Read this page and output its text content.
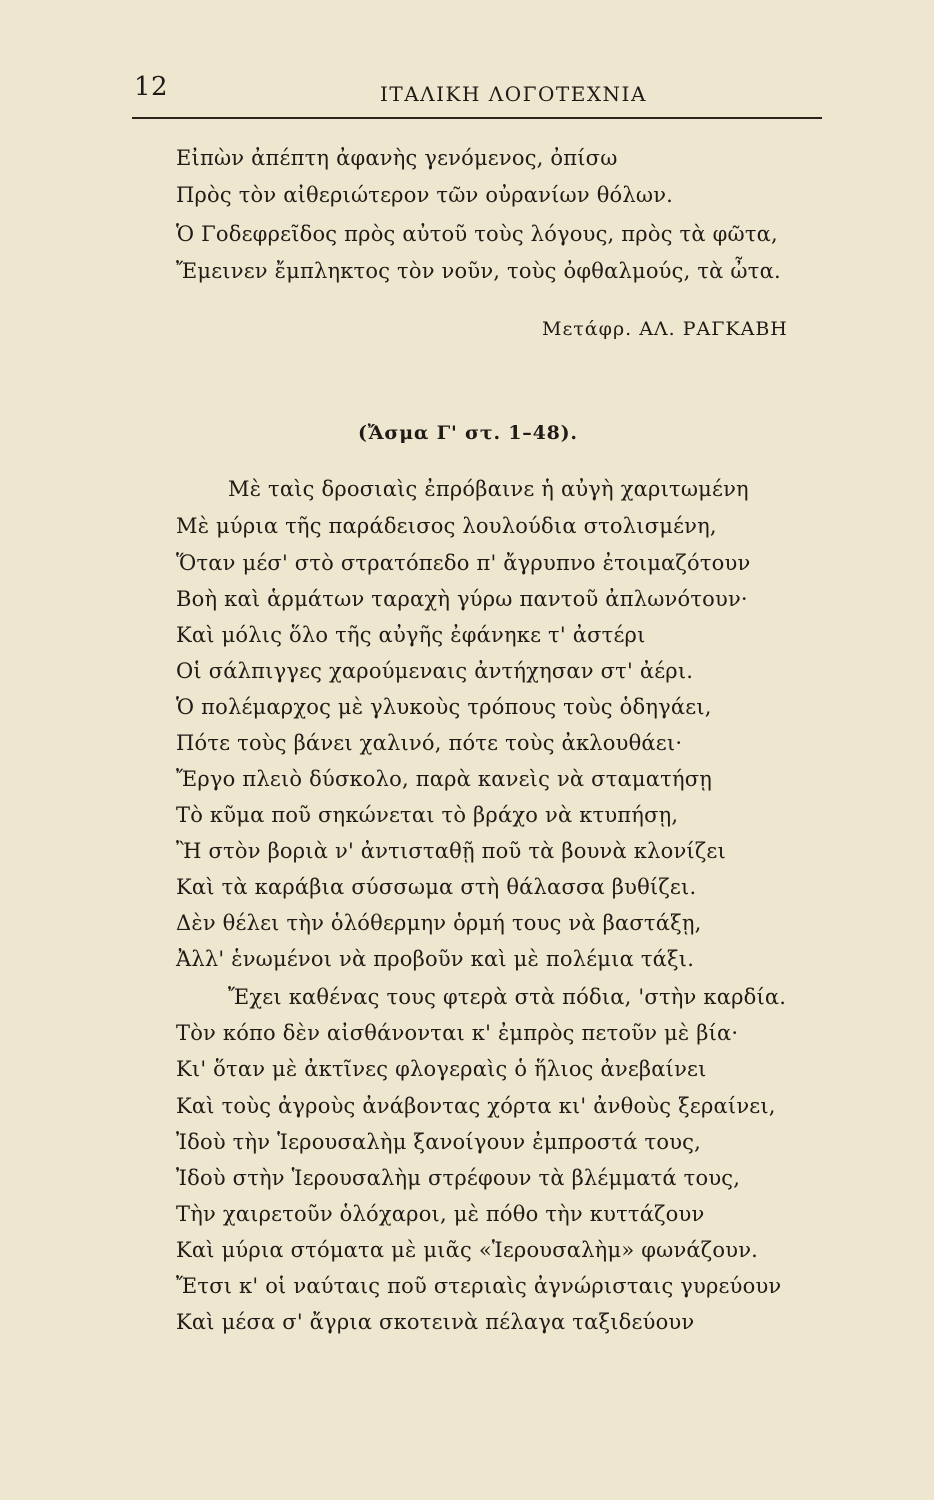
12	ΙΤΑΛΙΚΗ ΛΟΓΟΤΕΧΝΙΑ
Εἰπὼν ἀπέπτη ἀφανὴς γενόμενος, ὀπίσω
Πρὸς τὸν αἰθεριώτερον τῶν οὐρανίων θόλων.
Ὁ Γοδεφρεῖδος πρὸς αὐτοῦ τοὺς λόγους, πρὸς τὰ φῶτα,
Ἔμεινεν ἔμπληκτος τὸν νοῦν, τοὺς ὀφθαλμούς, τὰ ὦτα.
Μετάφρ. ΑΛ. ΡΑΓΚΑΒΗ
(Ἄσμα Γ' στ. 1–48).
Μὲ ταὶς δροσιαὶς ἐπρόβαινε ἡ αὐγὴ χαριτωμένη
Μὲ μύρια τῆς παράδεισος λουλούδια στολισμένη,
Ὅταν μέσ' στὸ στρατόπεδο π' ἄγρυπνο ἐτοιμαζότουν
Βοὴ καὶ ἁρμάτων ταραχὴ γύρω παντοῦ ἀπλωνότουν·
Καὶ μόλις ὅλο τῆς αὐγῆς ἐφάνηκε τ' ἀστέρι
Οἱ σάλπιγγες χαρούμεναις ἀντήχησαν στ' ἀέρι.
Ὁ πολέμαρχος μὲ γλυκοὺς τρόπους τοὺς ὁδηγάει,
Πότε τοὺς βάνει χαλινό, πότε τοὺς ἀκλουθάει·
Ἔργο πλειὸ δύσκολο, παρὰ κανεὶς νὰ σταματήσῃ
Τὸ κῦμα ποῦ σηκώνεται τὸ βράχο νὰ κτυπήσῃ,
Ἢ στὸν βοριὰ ν' ἀντισταθῇ ποῦ τὰ βουνὰ κλονίζει
Καὶ τὰ καράβια σύσσωμα στὴ θάλασσα βυθίζει.
Δὲν θέλει τὴν ὁλόθερμην ὁρμή τους νὰ βαστάξῃ,
Ἀλλ' ἑνωμένοι νὰ προβοῦν καὶ μὲ πολέμια τάξι.
Ἔχει καθένας τους φτερὰ στὰ πόδια, 'στὴν καρδία.
Τὸν κόπο δὲν αἰσθάνονται κ' ἐμπρὸς πετοῦν μὲ βία·
Κι' ὅταν μὲ ἀκτῖνες φλογεραὶς ὁ ἥλιος ἀνεβαίνει
Καὶ τοὺς ἀγροὺς ἀνάβοντας χόρτα κι' ἀνθοὺς ξεραίνει,
Ἰδοὺ τὴν Ἱερουσαλὴμ ξανοίγουν ἐμπροστά τους,
Ἰδοὺ στὴν Ἱερουσαλὴμ στρέφουν τὰ βλέμματά τους,
Τὴν χαιρετοῦν ὁλόχαροι, μὲ πόθο τὴν κυττάζουν
Καὶ μύρια στόματα μὲ μιᾶς «Ἱερουσαλὴμ» φωνάζουν.
Ἔτσι κ' οἱ ναύταις ποῦ στεριαὶς ἀγνώρισταις γυρεύουν
Καὶ μέσα σ' ἄγρια σκοτεινὰ πέλαγα ταξιδεύουν
